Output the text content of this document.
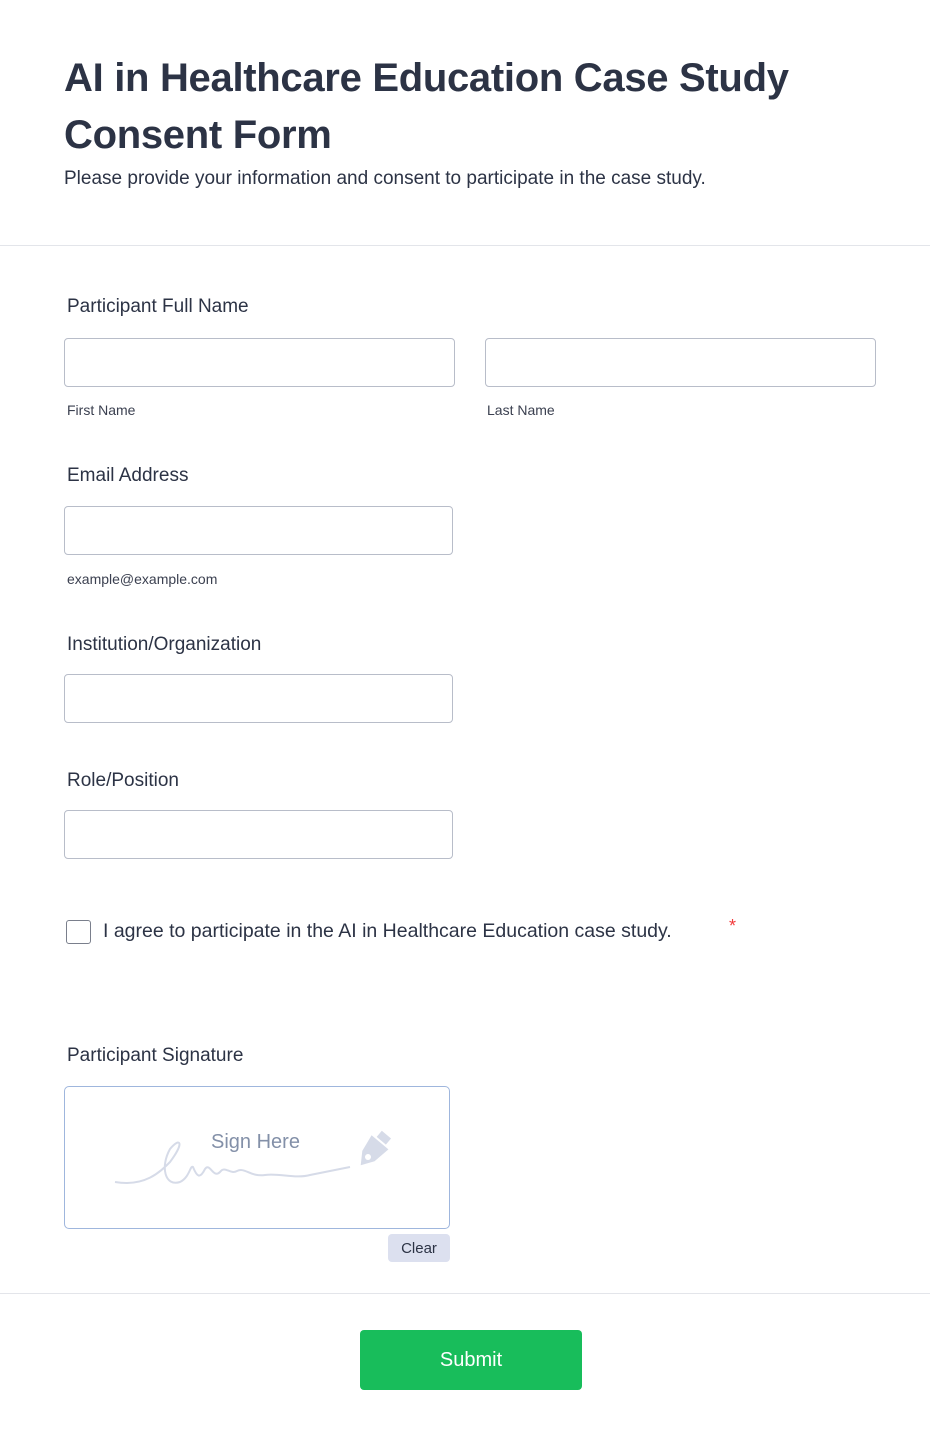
AI in Healthcare Education Case Study Consent Form
Please provide your information and consent to participate in the case study.
Participant Full Name
First Name	Last Name
Email Address
example@example.com
Institution/Organization
Role/Position
I agree to participate in the AI in Healthcare Education case study.	*
Participant Signature
Sign Here
Clear
Submit
